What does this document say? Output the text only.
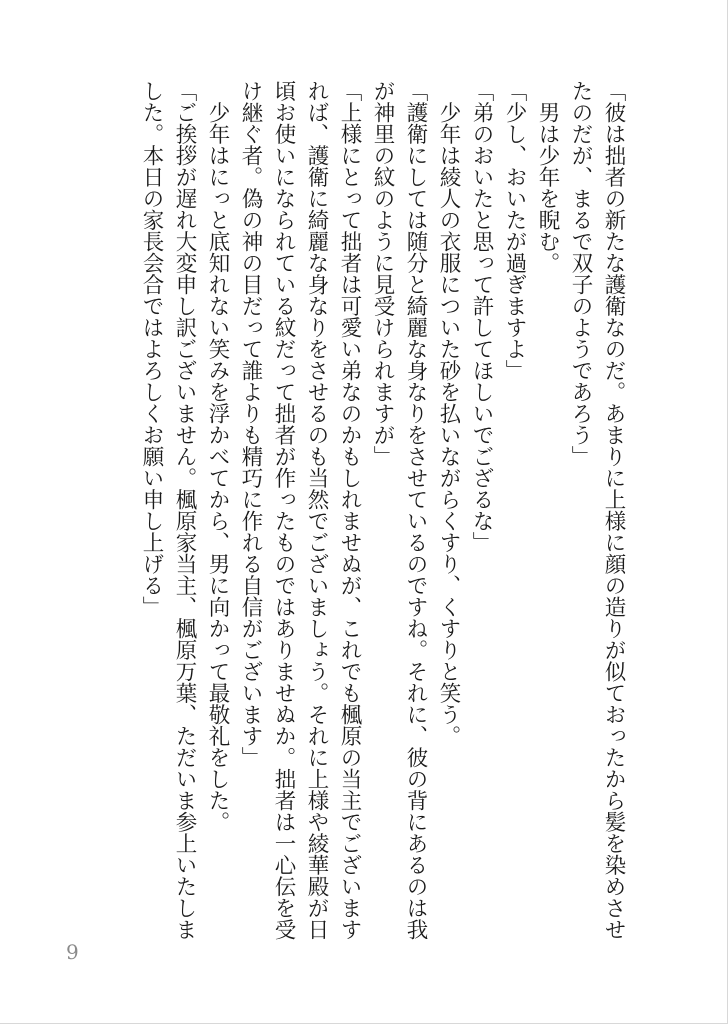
「彼は拙者の新たな護衛なのだ。あまりに上様に顔の造りが似ておったから髪を染めさせたのだが、まるで双子のようであろう」

　男は少年を睨む。

「少し、おいたが過ぎますよ」

「弟のおいたと思って許してほしいでござるな」

　少年は綾人の衣服についた砂を払いながらくすり、くすりと笑う。

「護衛にしては随分と綺麗な身なりをさせているのですね。それに、彼の背にあるのは我が神里の紋のように見受けられますが」

「上様にとって拙者は可愛い弟なのかもしれませぬが、これでも楓原の当主でございますれば、護衛に綺麗な身なりをさせるのも当然でございましょう。それに上様や綾華殿が日頃お使いになられている紋だって拙者が作ったものではありませぬか。拙者は一心伝を受け継ぐ者。偽の神の目だって誰よりも精巧に作れる自信がございます」

　少年はにっと底知れない笑みを浮かべてから、男に向かって最敬礼をした。

「ご挨拶が遅れ大変申し訳ございません。楓原家当主、楓原万葉、ただいま参上いたしました。本日の家長会合ではよろしくお願い申し上げる」

9
